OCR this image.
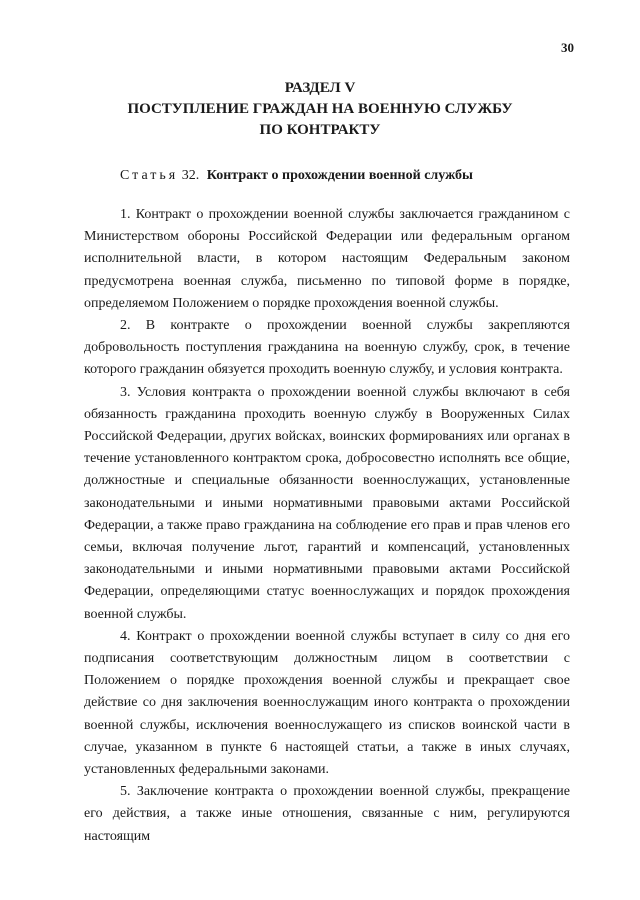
30
РАЗДЕЛ V
ПОСТУПЛЕНИЕ ГРАЖДАН НА ВОЕННУЮ СЛУЖБУ
ПО КОНТРАКТУ
Статья 32. Контракт о прохождении военной службы

1. Контракт о прохождении военной службы заключается гражданином с Министерством обороны Российской Федерации или федеральным органом исполнительной власти, в котором настоящим Федеральным законом предусмотрена военная служба, письменно по типовой форме в порядке, определяемом Положением о порядке прохождения военной службы.

2. В контракте о прохождении военной службы закрепляются добровольность поступления гражданина на военную службу, срок, в течение которого гражданин обязуется проходить военную службу, и условия контракта.

3. Условия контракта о прохождении военной службы включают в себя обязанность гражданина проходить военную службу в Вооруженных Силах Российской Федерации, других войсках, воинских формированиях или органах в течение установленного контрактом срока, добросовестно исполнять все общие, должностные и специальные обязанности военнослужащих, установленные законодательными и иными нормативными правовыми актами Российской Федерации, а также право гражданина на соблюдение его прав и прав членов его семьи, включая получение льгот, гарантий и компенсаций, установленных законодательными и иными нормативными правовыми актами Российской Федерации, определяющими статус военнослужащих и порядок прохождения военной службы.

4. Контракт о прохождении военной службы вступает в силу со дня его подписания соответствующим должностным лицом в соответствии с Положением о порядке прохождения военной службы и прекращает свое действие со дня заключения военнослужащим иного контракта о прохождении военной службы, исключения военнослужащего из списков воинской части в случае, указанном в пункте 6 настоящей статьи, а также в иных случаях, установленных федеральными законами.

5. Заключение контракта о прохождении военной службы, прекращение его действия, а также иные отношения, связанные с ним, регулируются настоящим
